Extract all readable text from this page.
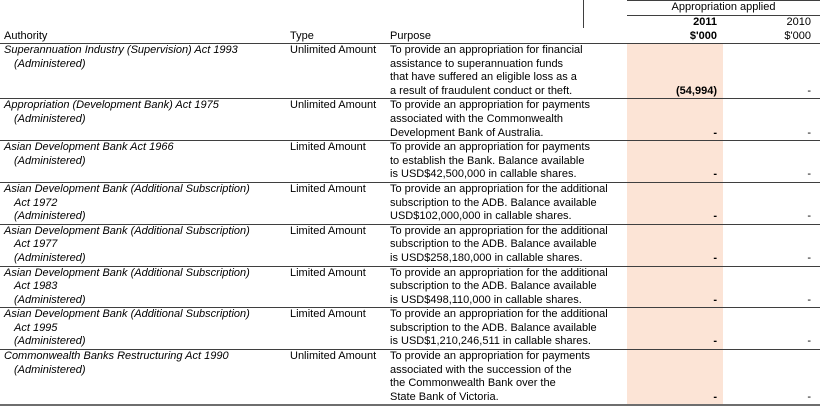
			Appropriation applied	
			2011	2010
Authority	Type	Purpose	$'000	$'000

Superannuation Industry (Supervision) Act 1993
(Administered)
	Unlimited Amount	To provide an appropriation for financial
assistance to superannuation funds
that have suffered an eligible loss as a
a result of fraudulent conduct or theft.	(54,994)	-

Appropriation (Development Bank) Act 1975
(Administered)
	Unlimited Amount	To provide an appropriation for payments
associated with the Commonwealth
Development Bank of Australia.	-	-

Asian Development Bank Act 1966
(Administered)
	Limited Amount	To provide an appropriation for payments
to establish the Bank. Balance available
is USD$42,500,000 in callable shares.	-	-

Asian Development Bank (Additional Subscription)
Act 1972
(Administered)
	Limited Amount	To provide an appropriation for the additional
subscription to the ADB. Balance available
USD$102,000,000 in callable shares.	-	-

Asian Development Bank (Additional Subscription)
Act 1977
(Administered)
	Limited Amount	To provide an appropriation for the additional
subscription to the ADB. Balance available
is USD$258,180,000 in callable shares.	-	-

Asian Development Bank (Additional Subscription)
Act 1983
(Administered)
	Limited Amount	To provide an appropriation for the additional
subscription to the ADB. Balance available
is USD$498,110,000 in callable shares.	-	-

Asian Development Bank (Additional Subscription)
Act 1995
(Administered)
	Limited Amount	To provide an appropriation for the additional
subscription to the ADB. Balance available
is USD$1,210,246,511 in callable shares.	-	-

Commonwealth Banks Restructuring Act 1990
(Administered)
	Unlimited Amount	To provide an appropriation for payments
associated with the succession of the
the Commonwealth Bank over the
State Bank of Victoria.	-	-
